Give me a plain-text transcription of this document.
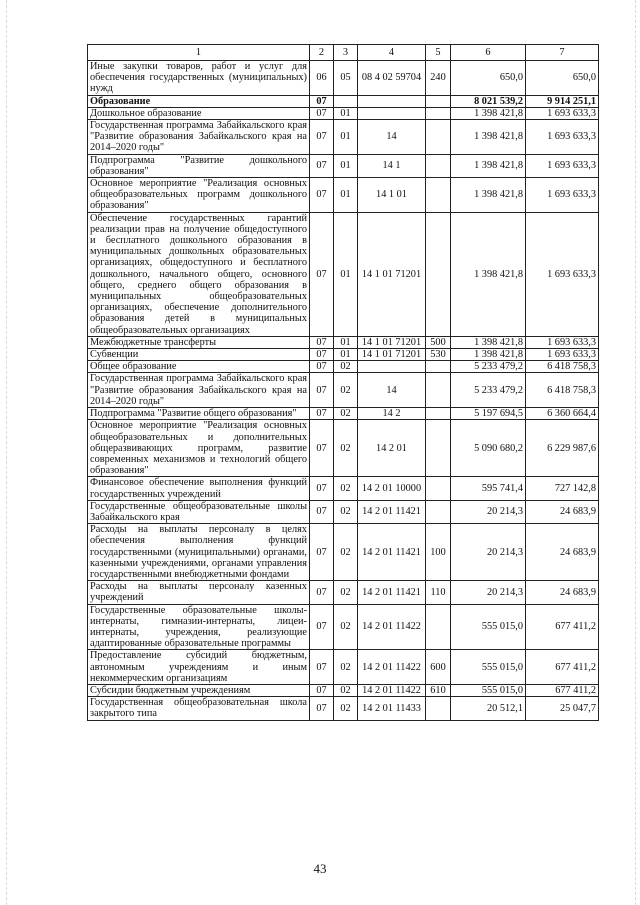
1	2	3	4	5	6	7
Иные закупки товаров, работ и услуг для обеспечения государственных (муниципальных) нужд	06	05	08 4 02 59704	240	650,0	650,0
Образование	07				8 021 539,2	9 914 251,1
Дошкольное образование	07	01			1 398 421,8	1 693 633,3
Государственная программа Забайкальского края "Развитие образования Забайкальского края на 2014–2020 годы"	07	01	14		1 398 421,8	1 693 633,3
Подпрограмма "Развитие дошкольного образования"	07	01	14 1		1 398 421,8	1 693 633,3
Основное мероприятие "Реализация основных общеобразовательных программ дошкольного образования"	07	01	14 1 01		1 398 421,8	1 693 633,3
Обеспечение государственных гарантий реализации прав на получение общедоступного и бесплатного дошкольного образования в муниципальных дошкольных образовательных организациях, общедоступного и бесплатного дошкольного, начального общего, основного общего, среднего общего образования в муниципальных общеобразовательных организациях, обеспечение дополнительного образования детей в муниципальных общеобразовательных организациях	07	01	14 1 01 71201		1 398 421,8	1 693 633,3
Межбюджетные трансферты	07	01	14 1 01 71201	500	1 398 421,8	1 693 633,3
Субвенции	07	01	14 1 01 71201	530	1 398 421,8	1 693 633,3
Общее образование	07	02			5 233 479,2	6 418 758,3
Государственная программа Забайкальского края "Развитие образования Забайкальского края на 2014–2020 годы"	07	02	14		5 233 479,2	6 418 758,3
Подпрограмма "Развитие общего образования"	07	02	14 2		5 197 694,5	6 360 664,4
Основное мероприятие "Реализация основных общеобразовательных и дополнительных общеразвивающих программ, развитие современных механизмов и технологий общего образования"	07	02	14 2 01		5 090 680,2	6 229 987,6
Финансовое обеспечение выполнения функций государственных учреждений	07	02	14 2 01 10000		595 741,4	727 142,8
Государственные общеобразовательные школы Забайкальского края	07	02	14 2 01 11421		20 214,3	24 683,9
Расходы на выплаты персоналу в целях обеспечения выполнения функций государственными (муниципальными) органами, казенными учреждениями, органами управления государственными внебюджетными фондами	07	02	14 2 01 11421	100	20 214,3	24 683,9
Расходы на выплаты персоналу казенных учреждений	07	02	14 2 01 11421	110	20 214,3	24 683,9
Государственные образовательные школы-интернаты, гимназии-интернаты, лицеи-интернаты, учреждения, реализующие адаптированные образовательные программы	07	02	14 2 01 11422		555 015,0	677 411,2
Предоставление субсидий бюджетным, автономным учреждениям и иным некоммерческим организациям	07	02	14 2 01 11422	600	555 015,0	677 411,2
Субсидии бюджетным учреждениям	07	02	14 2 01 11422	610	555 015,0	677 411,2
Государственная общеобразовательная школа закрытого типа	07	02	14 2 01 11433		20 512,1	25 047,7
43
